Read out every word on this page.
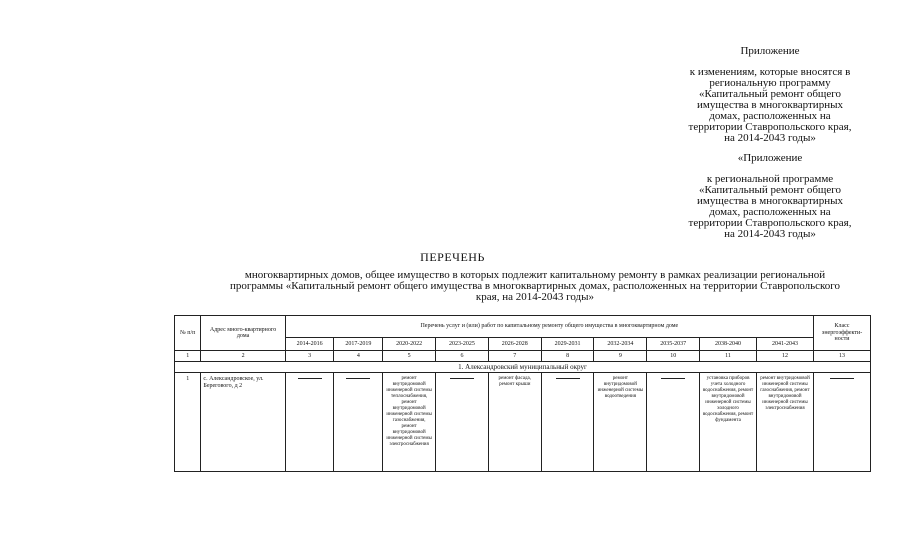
Приложение
к изменениям, которые вносятся в
региональную программу
«Капитальный ремонт общего
имущества в многоквартирных
домах, расположенных на
территории Ставропольского края,
на 2014-2043 годы»
«Приложение
к региональной программе
«Капитальный ремонт общего
имущества в многоквартирных
домах, расположенных на
территории Ставропольского края,
на 2014-2043 годы»
ПЕРЕЧЕНЬ
многоквартирных домов, общее имущество в которых подлежит капитальному ремонту в рамках реализации региональной
программы «Капитальный ремонт общего имущества в многоквартирных домах, расположенных на территории Ставропольского
края, на 2014-2043 годы»
№ п/п	Адрес много-квартирного дома	Перечень услуг и (или) работ по капитальному ремонту общего имущества в многоквартирном доме										Класс энергоэффекти-ности
		2014-2016	2017-2019	2020-2022	2023-2025	2026-2028	2029-2031	2032-2034	2035-2037	2038-2040	2041-2043	
1	2	3	4	5	6	7	8	9	10	11	12	13
1. Александровский муниципальный округ												
1	с. Александровское, ул. Берегового, д 2			ремонт внутридомовой инженерной системы теплоснабжения, ремонт внутридомовой инженерной системы газоснабжения, ремонт внутридомовой инженерной системы электроснабжения		ремонт фасада, ремонт крыши		ремонт внутридомовой инженерной системы водоотведения		установка приборов учета холодного водоснабжения, ремонт внутридомовой инженерной системы холодного водоснабжения, ремонт фундамента	ремонт внутридомовой инженерной системы газоснабжения, ремонт внутридомовой инженерной системы электроснабжения	
